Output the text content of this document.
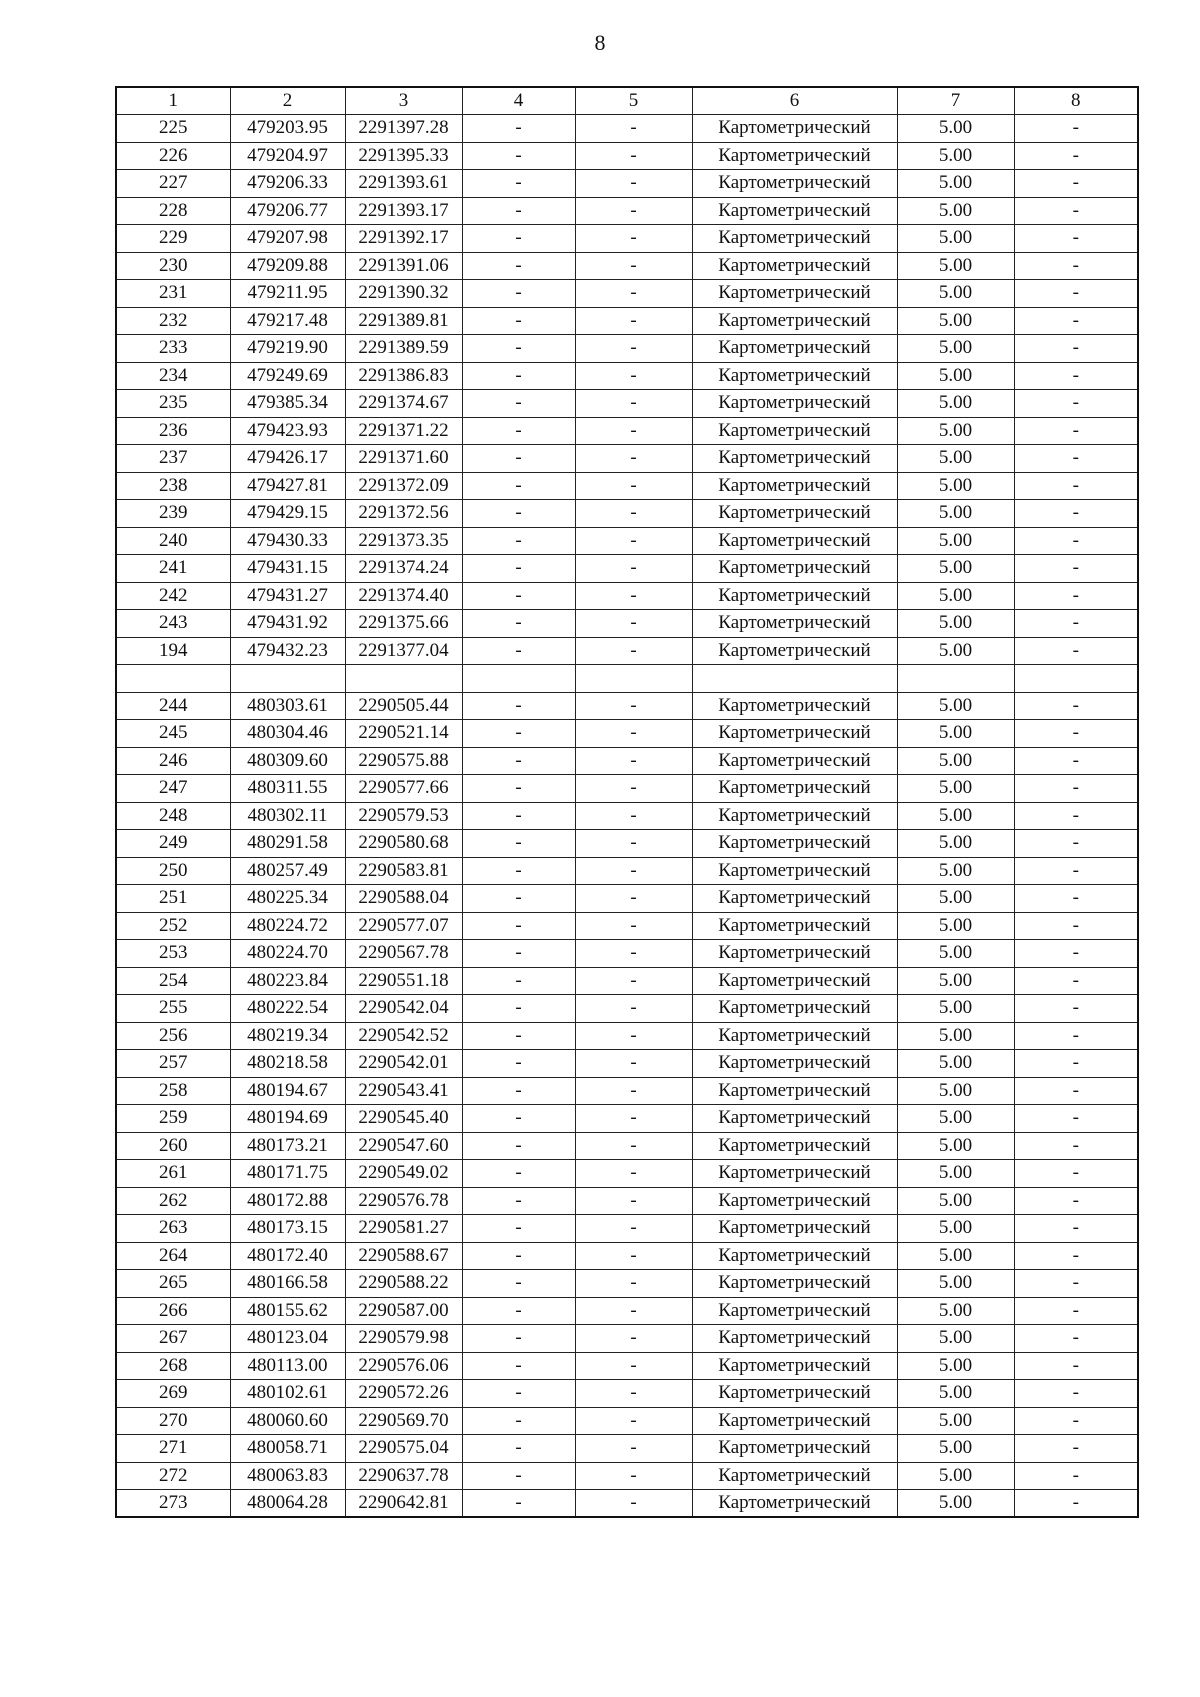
8
1	2	3	4	5	6	7	8
225	479203.95	2291397.28	-	-	Картометрический	5.00	-
226	479204.97	2291395.33	-	-	Картометрический	5.00	-
227	479206.33	2291393.61	-	-	Картометрический	5.00	-
228	479206.77	2291393.17	-	-	Картометрический	5.00	-
229	479207.98	2291392.17	-	-	Картометрический	5.00	-
230	479209.88	2291391.06	-	-	Картометрический	5.00	-
231	479211.95	2291390.32	-	-	Картометрический	5.00	-
232	479217.48	2291389.81	-	-	Картометрический	5.00	-
233	479219.90	2291389.59	-	-	Картометрический	5.00	-
234	479249.69	2291386.83	-	-	Картометрический	5.00	-
235	479385.34	2291374.67	-	-	Картометрический	5.00	-
236	479423.93	2291371.22	-	-	Картометрический	5.00	-
237	479426.17	2291371.60	-	-	Картометрический	5.00	-
238	479427.81	2291372.09	-	-	Картометрический	5.00	-
239	479429.15	2291372.56	-	-	Картометрический	5.00	-
240	479430.33	2291373.35	-	-	Картометрический	5.00	-
241	479431.15	2291374.24	-	-	Картометрический	5.00	-
242	479431.27	2291374.40	-	-	Картометрический	5.00	-
243	479431.92	2291375.66	-	-	Картометрический	5.00	-
194	479432.23	2291377.04	-	-	Картометрический	5.00	-

244	480303.61	2290505.44	-	-	Картометрический	5.00	-
245	480304.46	2290521.14	-	-	Картометрический	5.00	-
246	480309.60	2290575.88	-	-	Картометрический	5.00	-
247	480311.55	2290577.66	-	-	Картометрический	5.00	-
248	480302.11	2290579.53	-	-	Картометрический	5.00	-
249	480291.58	2290580.68	-	-	Картометрический	5.00	-
250	480257.49	2290583.81	-	-	Картометрический	5.00	-
251	480225.34	2290588.04	-	-	Картометрический	5.00	-
252	480224.72	2290577.07	-	-	Картометрический	5.00	-
253	480224.70	2290567.78	-	-	Картометрический	5.00	-
254	480223.84	2290551.18	-	-	Картометрический	5.00	-
255	480222.54	2290542.04	-	-	Картометрический	5.00	-
256	480219.34	2290542.52	-	-	Картометрический	5.00	-
257	480218.58	2290542.01	-	-	Картометрический	5.00	-
258	480194.67	2290543.41	-	-	Картометрический	5.00	-
259	480194.69	2290545.40	-	-	Картометрический	5.00	-
260	480173.21	2290547.60	-	-	Картометрический	5.00	-
261	480171.75	2290549.02	-	-	Картометрический	5.00	-
262	480172.88	2290576.78	-	-	Картометрический	5.00	-
263	480173.15	2290581.27	-	-	Картометрический	5.00	-
264	480172.40	2290588.67	-	-	Картометрический	5.00	-
265	480166.58	2290588.22	-	-	Картометрический	5.00	-
266	480155.62	2290587.00	-	-	Картометрический	5.00	-
267	480123.04	2290579.98	-	-	Картометрический	5.00	-
268	480113.00	2290576.06	-	-	Картометрический	5.00	-
269	480102.61	2290572.26	-	-	Картометрический	5.00	-
270	480060.60	2290569.70	-	-	Картометрический	5.00	-
271	480058.71	2290575.04	-	-	Картометрический	5.00	-
272	480063.83	2290637.78	-	-	Картометрический	5.00	-
273	480064.28	2290642.81	-	-	Картометрический	5.00	-
